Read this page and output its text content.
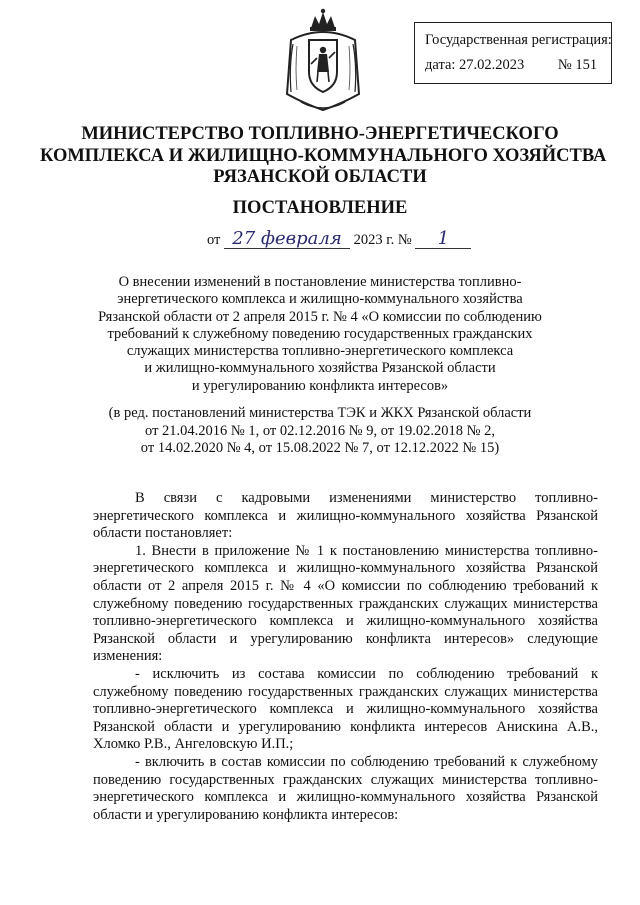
Государственная регистрация:
дата: 27.02.2023 № 151
МИНИСТЕРСТВО ТОПЛИВНО-ЭНЕРГЕТИЧЕСКОГО
КОМПЛЕКСА И ЖИЛИЩНО-КОММУНАЛЬНОГО ХОЗЯЙСТВА
РЯЗАНСКОЙ ОБЛАСТИ
ПОСТАНОВЛЕНИЕ
от 27 февраля 2023 г. № 1
О внесении изменений в постановление министерства топливно-
энергетического комплекса и жилищно-коммунального хозяйства
Рязанской области от 2 апреля 2015 г. № 4 «О комиссии по соблюдению
требований к служебному поведению государственных гражданских
служащих министерства топливно-энергетического комплекса
и жилищно-коммунального хозяйства Рязанской области
и урегулированию конфликта интересов»
(в ред. постановлений министерства ТЭК и ЖКХ Рязанской области
от 21.04.2016 № 1, от 02.12.2016 № 9, от 19.02.2018 № 2,
от 14.02.2020 № 4, от 15.08.2022 № 7, от 12.12.2022 № 15)

В связи с кадровыми изменениями министерство топливно-энергетического комплекса и жилищно-коммунального хозяйства Рязанской области постановляет:

1. Внести в приложение № 1 к постановлению министерства топливно-энергетического комплекса и жилищно-коммунального хозяйства Рязанской области от 2 апреля 2015 г. № 4 «О комиссии по соблюдению требований к служебному поведению государственных гражданских служащих министерства топливно-энергетического комплекса и жилищно-коммунального хозяйства Рязанской области и урегулированию конфликта интересов» следующие изменения:

- исключить из состава комиссии по соблюдению требований к служебному поведению государственных гражданских служащих министерства топливно-энергетического комплекса и жилищно-коммунального хозяйства Рязанской области и урегулированию конфликта интересов Анискина А.В., Хломко Р.В., Ангеловскую И.П.;

- включить в состав комиссии по соблюдению требований к служебному поведению государственных гражданских служащих министерства топливно-энергетического комплекса и жилищно-коммунального хозяйства Рязанской области и урегулированию конфликта интересов:
